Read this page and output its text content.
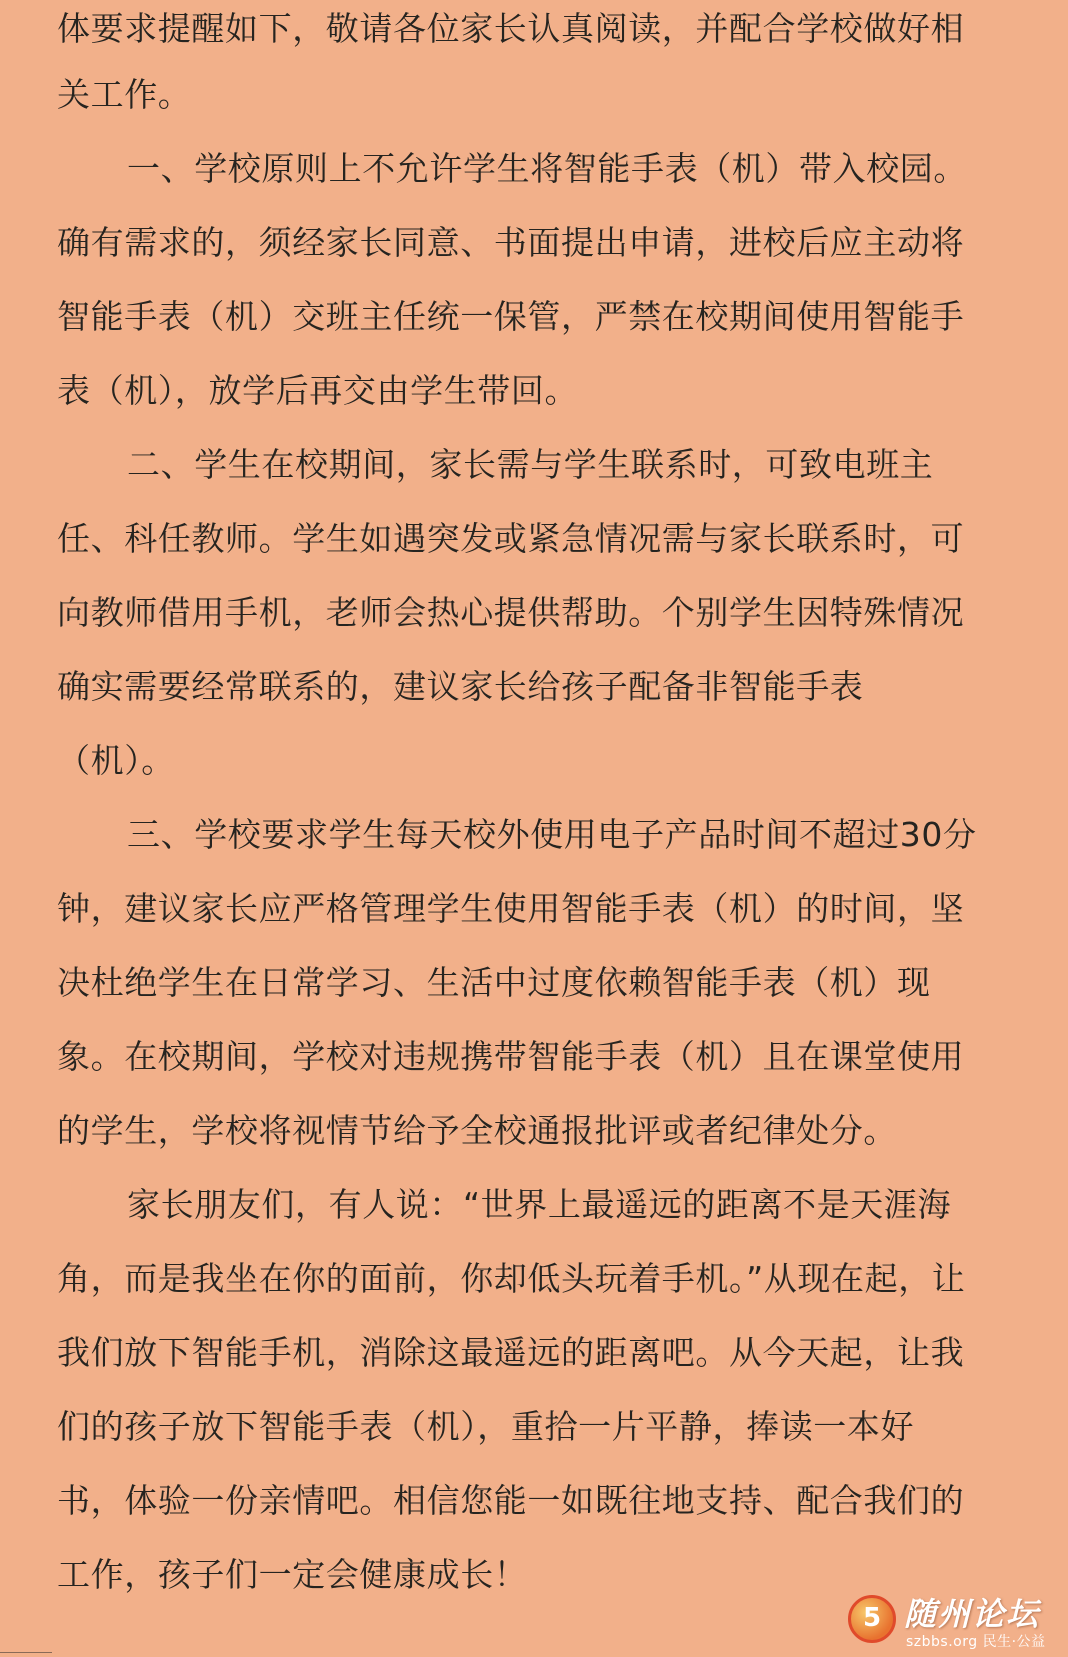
体要求提醒如下，敬请各位家长认真阅读，并配合学校做好相
关工作。
一、学校原则上不允许学生将智能手表（机）带入校园。
确有需求的，须经家长同意、书面提出申请，进校后应主动将
智能手表（机）交班主任统一保管，严禁在校期间使用智能手
表（机），放学后再交由学生带回。
二、学生在校期间，家长需与学生联系时，可致电班主
任、科任教师。学生如遇突发或紧急情况需与家长联系时，可
向教师借用手机，老师会热心提供帮助。个别学生因特殊情况
确实需要经常联系的，建议家长给孩子配备非智能手表
（机）。
三、学校要求学生每天校外使用电子产品时间不超过30分
钟，建议家长应严格管理学生使用智能手表（机）的时间，坚
决杜绝学生在日常学习、生活中过度依赖智能手表（机）现
象。在校期间，学校对违规携带智能手表（机）且在课堂使用
的学生，学校将视情节给予全校通报批评或者纪律处分。
家长朋友们，有人说：“世界上最遥远的距离不是天涯海
角，而是我坐在你的面前，你却低头玩着手机。”从现在起，让
我们放下智能手机，消除这最遥远的距离吧。从今天起，让我
们的孩子放下智能手表（机），重拾一片平静，捧读一本好
书，体验一份亲情吧。相信您能一如既往地支持、配合我们的
工作，孩子们一定会健康成长！
5 随州论坛
szbbs.org 民生·公益
